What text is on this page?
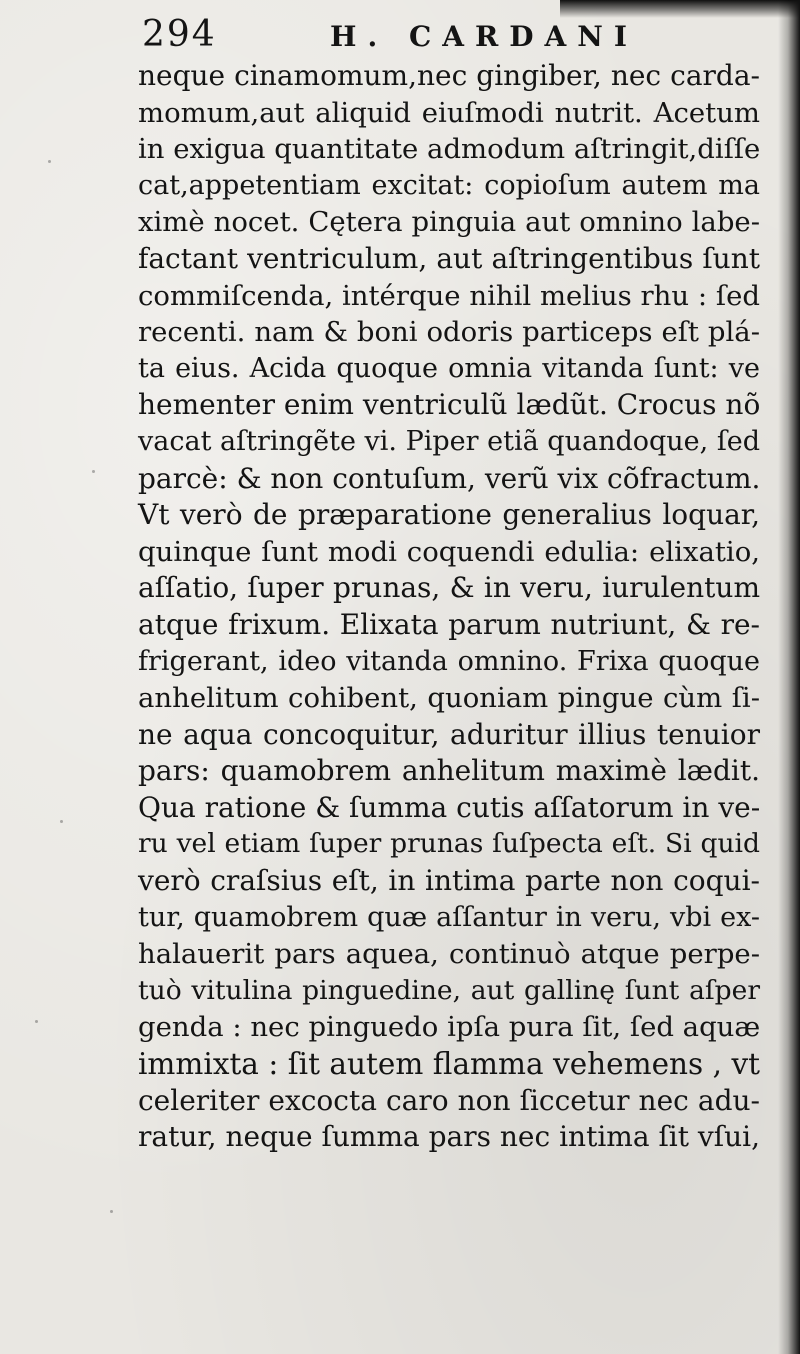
294	H. CARDANI
neque cinamomum,nec gingiber, nec carda-
momum,aut aliquid eiuſmodi nutrit. Acetum
in exigua quantitate admodum aſtringit,diſſe
cat,appetentiam excitat: copioſum autem ma
ximè nocet. Cętera pinguia aut omnino labe-
factant ventriculum, aut aſtringentibus ſunt
commiſcenda, intérque nihil melius rhu : ſed
recenti. nam & boni odoris particeps eſt plá-
ta eius. Acida quoque omnia vitanda ſunt: ve
hementer enim ventriculũ lædũt. Crocus nõ
vacat aſtringẽte vi. Piper etiã quandoque, ſed
parcè: & non contuſum, verũ vix cõfractum.
Vt verò de præparatione generalius loquar,
quinque ſunt modi coquendi edulia: elixatio,
aſſatio, ſuper prunas, & in veru, iurulentum
atque frixum. Elixata parum nutriunt, & re-
frigerant, ideo vitanda omnino. Frixa quoque
anhelitum cohibent, quoniam pingue cùm ſi-
ne aqua concoquitur, aduritur illius tenuior
pars: quamobrem anhelitum maximè lædit.
Qua ratione & ſumma cutis aſſatorum in ve-
ru vel etiam ſuper prunas ſuſpecta eſt. Si quid
verò craſsius eſt, in intima parte non coqui-
tur, quamobrem quæ aſſantur in veru, vbi ex-
halauerit pars aquea, continuò atque perpe-
tuò vitulina pinguedine, aut gallinę ſunt aſper
genda : nec pinguedo ipſa pura ſit, ſed aquæ
immixta : ſit autem flamma vehemens , vt
celeriter excocta caro non ſiccetur nec adu-
ratur, neque ſumma pars nec intima ſit vſui,
